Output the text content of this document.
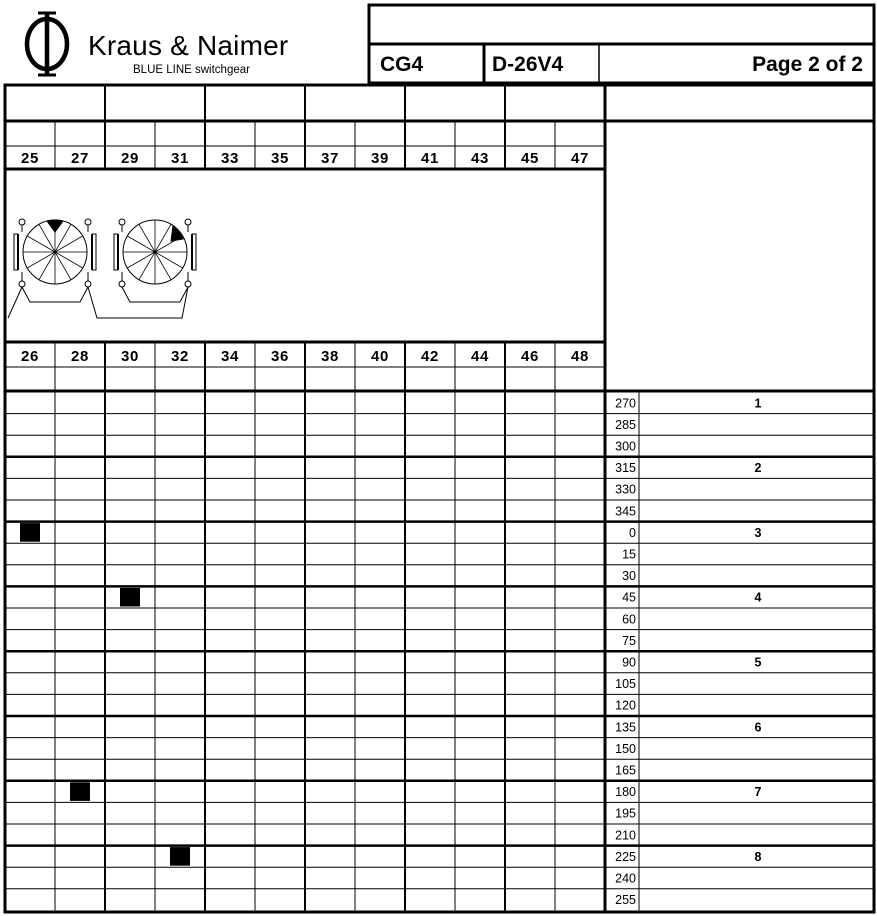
Kraus & Naimer
BLUE LINE switchgear	CG4	D-26V4	Page 2 of 2
25 27 29 31 33 35 37 39 41 43 45 47
26 28 30 32 34 36 38 40 42 44 46 48
270	1
285
300
315	2
330
345
0	3
15
30
45	4
60
75
90	5
105
120
135	6
150
165
180	7
195
210
225	8
240
255
